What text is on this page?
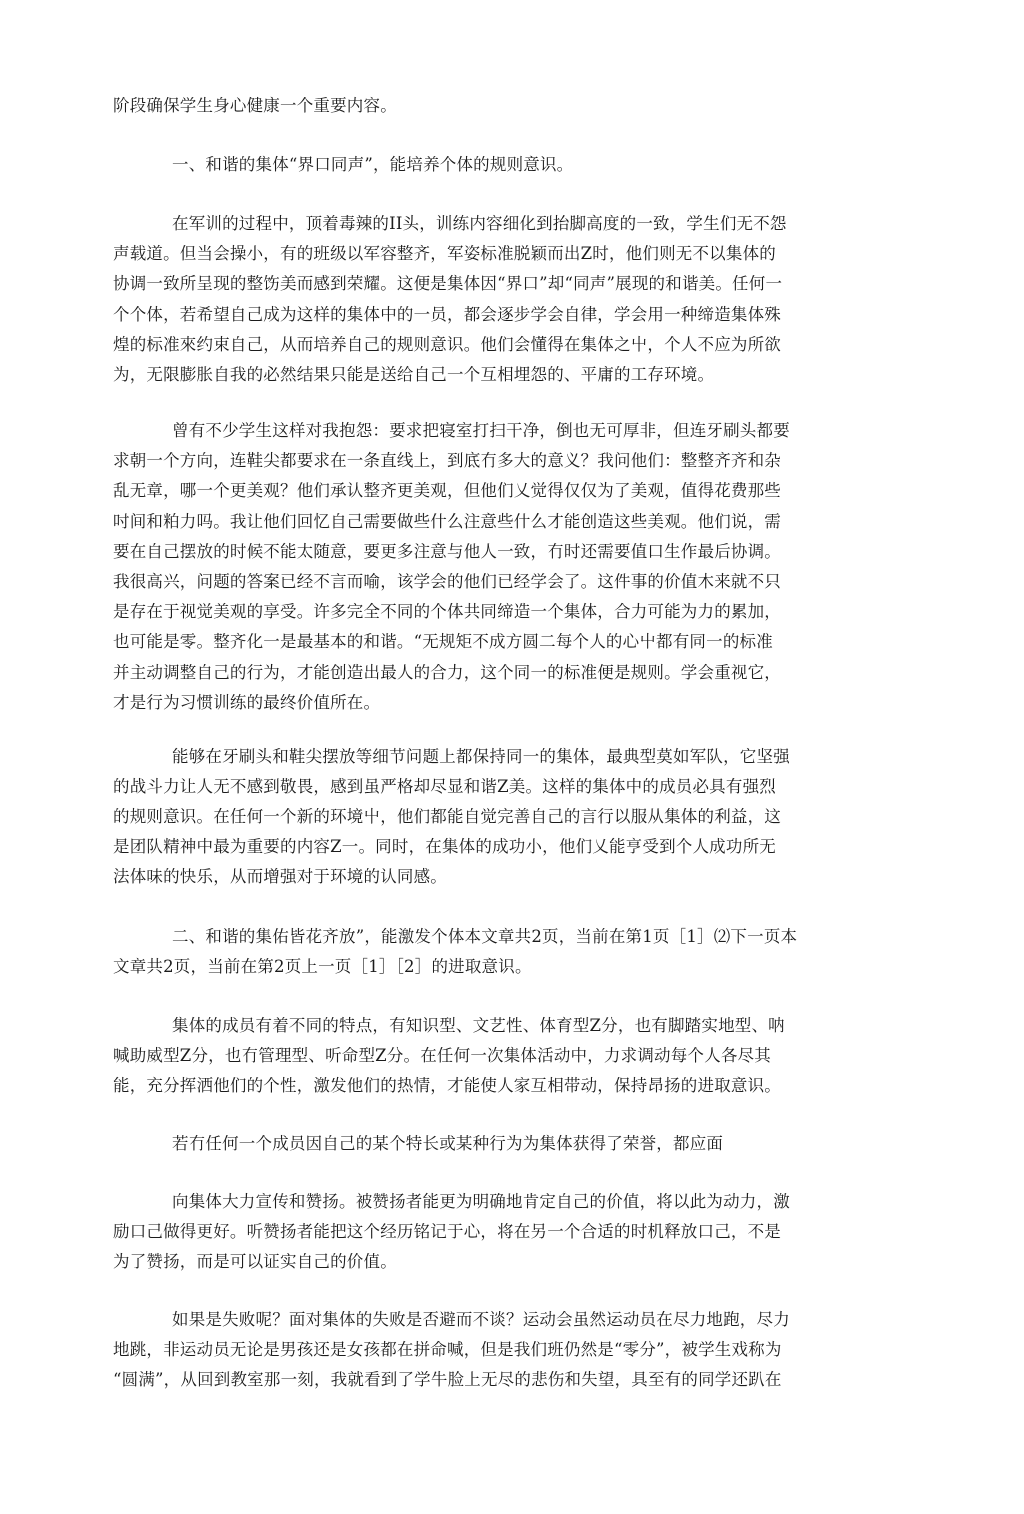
阶段确保学生身心健康一个重要内容。
一、和谐的集体“界口同声”，能培养个体的规则意识。
在军训的过程中，顶着毒辣的II头，训练内容细化到抬脚高度的一致，学生们无不怨
声载道。但当会操小，有的班级以军容整齐，军姿标准脱颖而出Z时，他们则无不以集体的
协调一致所呈现的整饬美而感到荣耀。这便是集体因“界口”却“同声”展现的和谐美。任何一
个个体，若希望自己成为这样的集体中的一员，都会逐步学会自律，学会用一种缔造集体殊
煌的标准來约束自己，从而培养自己的规则意识。他们会懂得在集体之屮，个人不应为所欲
为，无限膨胀自我的必然结果只能是送给自己一个互相埋怨的、平庸的工存环境。
曾有不少学生这样对我抱怨：要求把寝室打扫干净，倒也无可厚非，但连牙刷头都要
求朝一个方向，连鞋尖都要求在一条直线上，到底冇多大的意义？我问他们：整整齐齐和杂
乱无章，哪一个更美观？他们承认整齐更美观，但他们乂觉得仅仅为了美观，值得花费那些
吋间和粕力吗。我让他们回忆自己需要做些什么注意些什么才能创造这些美观。他们说，需
要在自己摆放的时候不能太随意，要更多注意与他人一致，冇时还需要值口生作最后协调。
我很高兴，问题的答案已经不言而喻，该学会的他们已经学会了。这件事的价值木来就不只
是存在于视觉美观的享受。许多完全不同的个体共同缔造一个集体，合力可能为力的累加，
也可能是零。整齐化一是最基本的和谐。“无规矩不成方圆二每个人的心屮都有同一的标准
并主动调整自己的行为，才能创造出最人的合力，这个同一的标准便是规则。学会重视它，
才是行为习惯训练的最终价值所在。
能够在牙刷头和鞋尖摆放等细节问题上都保持同一的集体，最典型莫如军队，它坚强
的战斗力让人无不感到敬畏，感到虽严格却尽显和谐Z美。这样的集体中的成员必具有强烈
的规则意识。在任何一个新的环境屮，他们都能自觉完善自己的言行以服从集体的利益，这
是团队精神中最为重要的内容Z一。同时，在集体的成功小，他们乂能亨受到个人成功所无
法体味的快乐，从而增强对于环境的认同感。
二、和谐的集佑皆花齐放”，能激发个体本文章共2页，当前在第1页［1］⑵下一页本
文章共2页，当前在第2页上一页［1］［2］的进取意识。
集体的成员有着不同的特点，有知识型、文艺性、体育型Z分，也有脚踏实地型、呐
喊助威型Z分，也冇管理型、听命型Z分。在任何一次集体活动中，力求调动每个人各尽其
能，充分挥洒他们的个性，激发他们的热情，才能使人家互相带动，保持昂扬的进取意识。
若冇任何一个成员因自己的某个特长或某种行为为集体获得了荣誉，都应面
向集体大力宣传和赞扬。被赞扬者能更为明确地肯定自己的价值，将以此为动力，激
励口己做得更好。听赞扬者能把这个经历铭记于心，将在另一个合适的时机释放口己，不是
为了赞扬，而是可以证实自己的价值。
如果是失败呢？面对集体的失败是否避而不谈？运动会虽然运动员在尽力地跑，尽力
地跳，非运动员无论是男孩还是女孩都在拼命喊，但是我们班仍然是“零分”，被学生戏称为
“圆满”，从回到教室那一刻，我就看到了学牛脸上无尽的悲伤和失望，具至有的同学还趴在
